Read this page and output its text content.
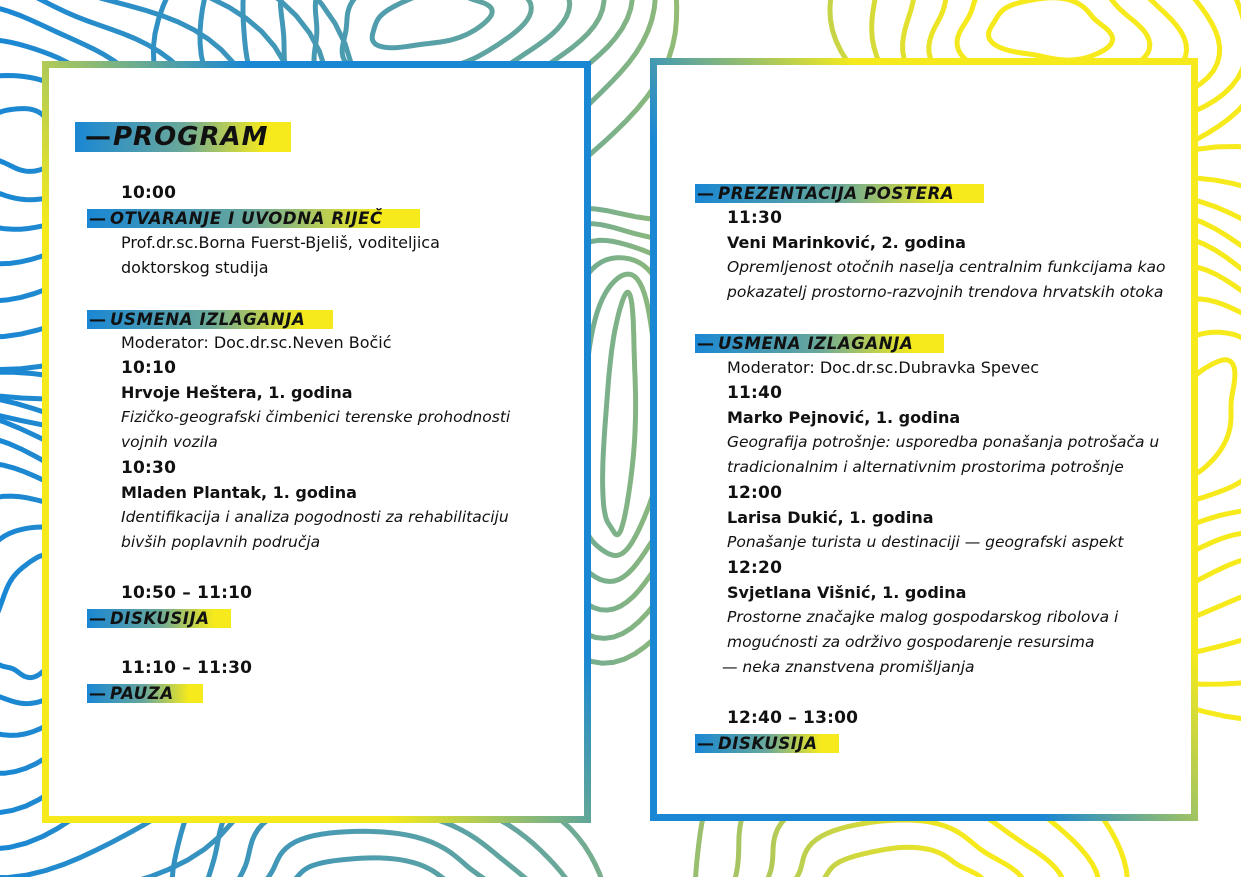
— PROGRAM

10:00

— OTVARANJE I UVODNA RIJEČ

Prof.dr.sc.Borna Fuerst-Bjeliš, voditeljica

doktorskog studija

— USMENA IZLAGANJA

Moderator: Doc.dr.sc.Neven Bočić

10:10

Hrvoje Heštera, 1. godina

Fizičko-geografski čimbenici terenske prohodnosti

vojnih vozila

10:30

Mladen Plantak, 1. godina

Identifikacija i analiza pogodnosti za rehabilitaciju

bivših poplavnih područja

10:50 – 11:10

— DISKUSIJA

11:10 – 11:30

— PAUZA
— PREZENTACIJA POSTERA

11:30

Veni Marinković, 2. godina

Opremljenost otočnih naselja centralnim funkcijama kao

pokazatelj prostorno-razvojnih trendova hrvatskih otoka

— USMENA IZLAGANJA

Moderator: Doc.dr.sc.Dubravka Spevec

11:40

Marko Pejnović, 1. godina

Geografija potrošnje: usporedba ponašanja potrošača u

tradicionalnim i alternativnim prostorima potrošnje

12:00

Larisa Dukić, 1. godina

Ponašanje turista u destinaciji — geografski aspekt

12:20

Svjetlana Višnić, 1. godina

Prostorne značajke malog gospodarskog ribolova i

mogućnosti za održivo gospodarenje resursima

— neka znanstvena promišljanja

12:40 – 13:00

— DISKUSIJA
